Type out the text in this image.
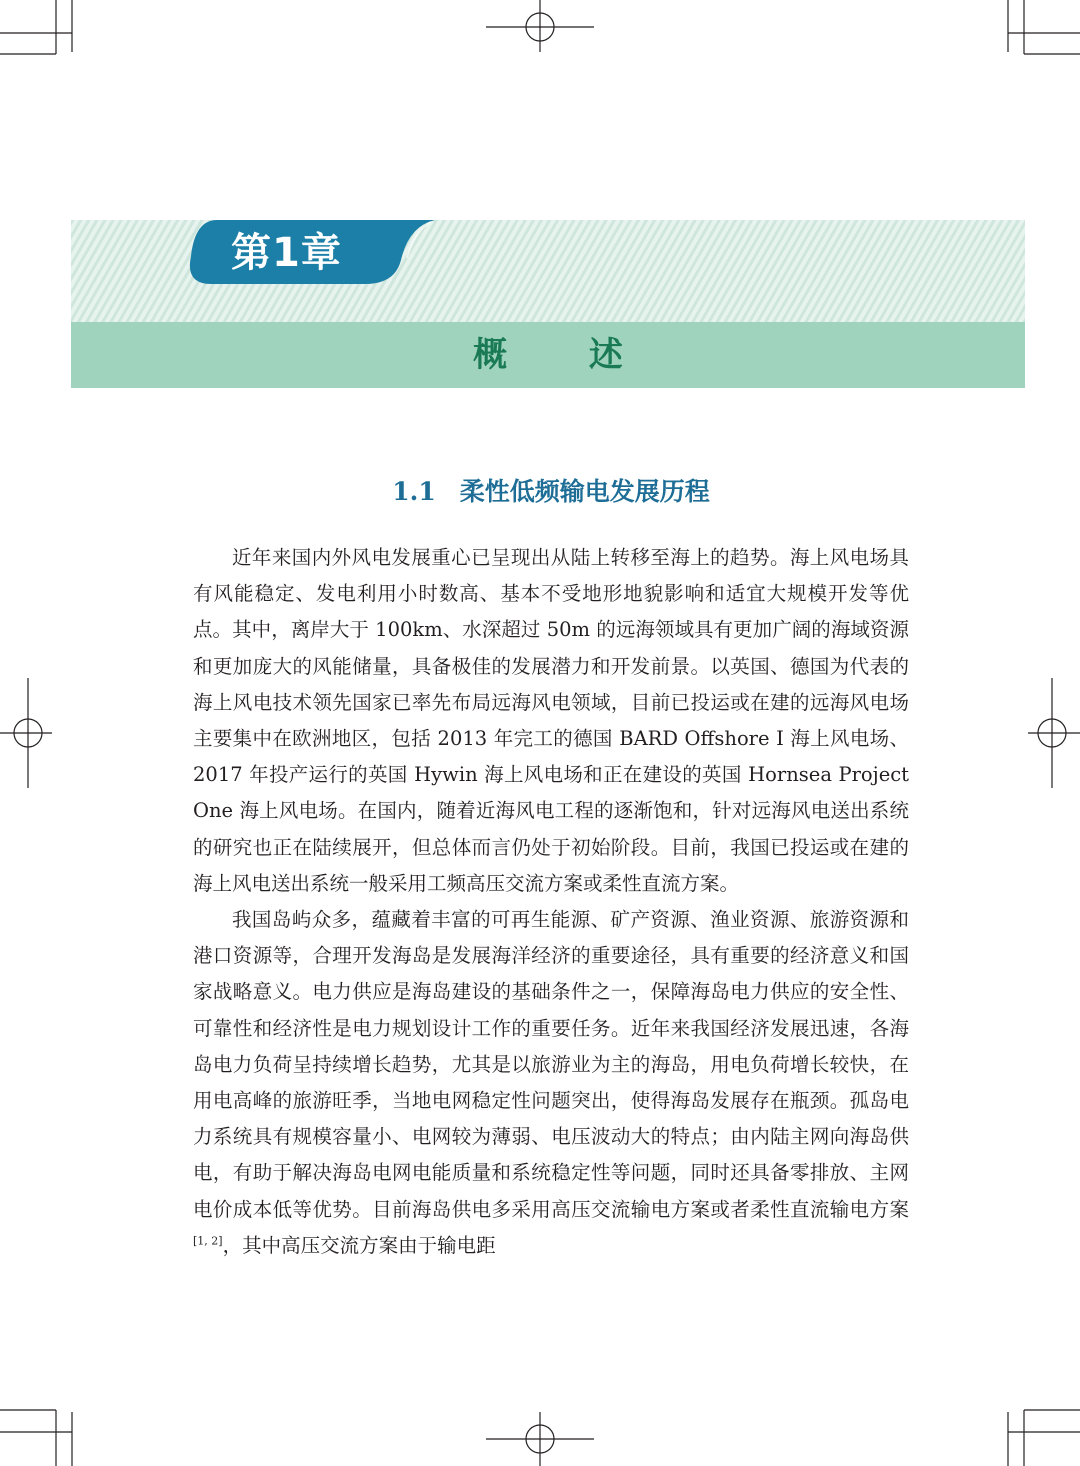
第1章
概 述
1.1 柔性低频输电发展历程

近年来国内外风电发展重心已呈现出从陆上转移至海上的趋势。海上风电场具有风能稳定、发电利用小时数高、基本不受地形地貌影响和适宜大规模开发等优点。其中，离岸大于 100km、水深超过 50m 的远海领域具有更加广阔的海域资源和更加庞大的风能储量，具备极佳的发展潜力和开发前景。以英国、德国为代表的海上风电技术领先国家已率先布局远海风电领域，目前已投运或在建的远海风电场主要集中在欧洲地区，包括 2013 年完工的德国 BARD Offshore I 海上风电场、2017 年投产运行的英国 Hywin 海上风电场和正在建设的英国 Hornsea Project One 海上风电场。在国内，随着近海风电工程的逐渐饱和，针对远海风电送出系统的研究也正在陆续展开，但总体而言仍处于初始阶段。目前，我国已投运或在建的海上风电送出系统一般采用工频高压交流方案或柔性直流方案。

我国岛屿众多，蕴藏着丰富的可再生能源、矿产资源、渔业资源、旅游资源和港口资源等，合理开发海岛是发展海洋经济的重要途径，具有重要的经济意义和国家战略意义。电力供应是海岛建设的基础条件之一，保障海岛电力供应的安全性、可靠性和经济性是电力规划设计工作的重要任务。近年来我国经济发展迅速，各海岛电力负荷呈持续增长趋势，尤其是以旅游业为主的海岛，用电负荷增长较快，在用电高峰的旅游旺季，当地电网稳定性问题突出，使得海岛发展存在瓶颈。孤岛电力系统具有规模容量小、电网较为薄弱、电压波动大的特点；由内陆主网向海岛供电，有助于解决海岛电网电能质量和系统稳定性等问题，同时还具备零排放、主网电价成本低等优势。目前海岛供电多采用高压交流输电方案或者柔性直流输电方案[1, 2]，其中高压交流方案由于输电距
